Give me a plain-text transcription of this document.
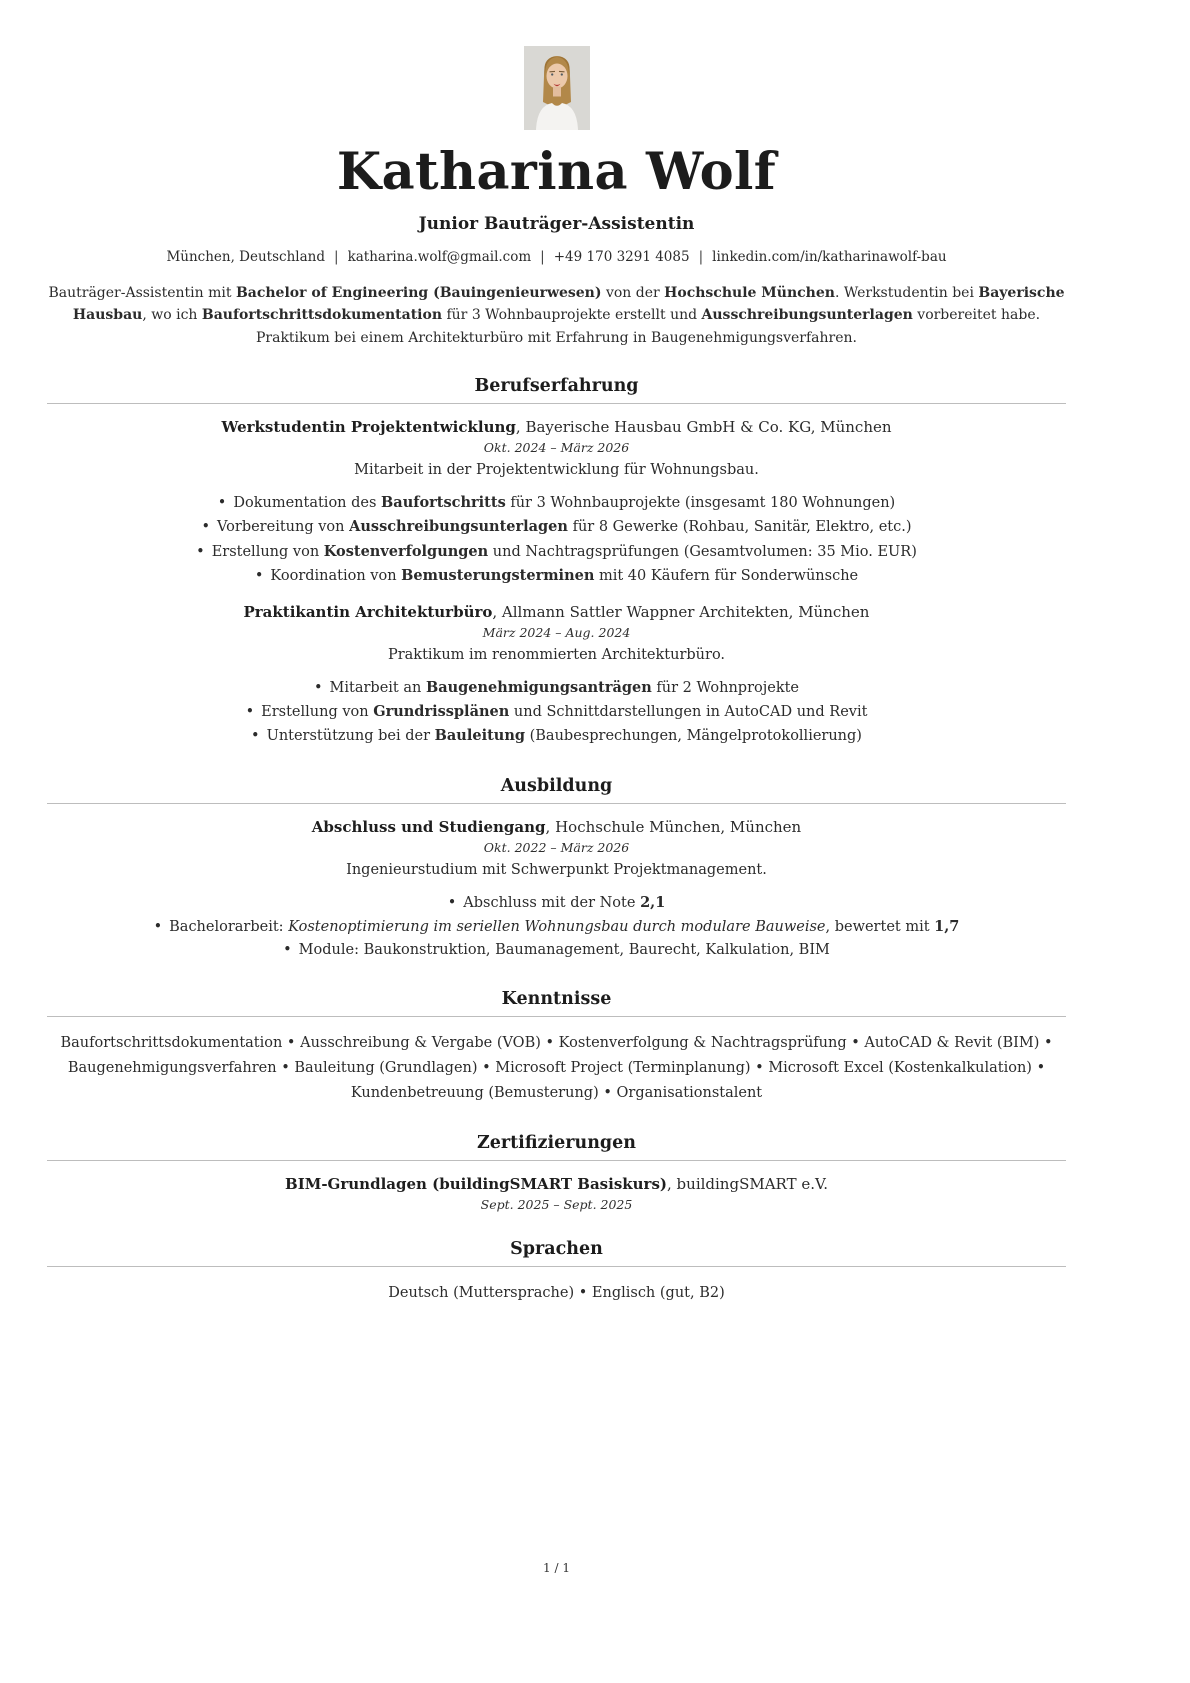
Katharina Wolf
Junior Bauträger-Assistentin
München, Deutschland | katharina.wolf@gmail.com | +49 170 3291 4085 | linkedin.com/in/katharinawolf-bau

Bauträger-Assistentin mit Bachelor of Engineering (Bauingenieurwesen) von der Hochschule München. Werkstudentin bei Bayerische Hausbau, wo ich Baufortschrittsdokumentation für 3 Wohnbauprojekte erstellt und Ausschreibungsunterlagen vorbereitet habe. Praktikum bei einem Architekturbüro mit Erfahrung in Baugenehmigungsverfahren.

Berufserfahrung
Werkstudentin Projektentwicklung, Bayerische Hausbau GmbH & Co. KG, München
Okt. 2024 – März 2026
Mitarbeit in der Projektentwicklung für Wohnungsbau.
• Dokumentation des Baufortschritts für 3 Wohnbauprojekte (insgesamt 180 Wohnungen)
• Vorbereitung von Ausschreibungsunterlagen für 8 Gewerke (Rohbau, Sanitär, Elektro, etc.)
• Erstellung von Kostenverfolgungen und Nachtragsprüfungen (Gesamtvolumen: 35 Mio. EUR)
• Koordination von Bemusterungsterminen mit 40 Käufern für Sonderwünsche
Praktikantin Architekturbüro, Allmann Sattler Wappner Architekten, München
März 2024 – Aug. 2024
Praktikum im renommierten Architekturbüro.
• Mitarbeit an Baugenehmigungsanträgen für 2 Wohnprojekte
• Erstellung von Grundrissplänen und Schnittdarstellungen in AutoCAD und Revit
• Unterstützung bei der Bauleitung (Baubesprechungen, Mängelprotokollierung)
Ausbildung
Abschluss und Studiengang, Hochschule München, München
Okt. 2022 – März 2026
Ingenieurstudium mit Schwerpunkt Projektmanagement.
• Abschluss mit der Note 2,1
• Bachelorarbeit: Kostenoptimierung im seriellen Wohnungsbau durch modulare Bauweise, bewertet mit 1,7
• Module: Baukonstruktion, Baumanagement, Baurecht, Kalkulation, BIM
Kenntnisse

Baufortschrittsdokumentation • Ausschreibung & Vergabe (VOB) • Kostenverfolgung & Nachtragsprüfung • AutoCAD & Revit (BIM) • Baugenehmigungsverfahren • Bauleitung (Grundlagen) • Microsoft Project (Terminplanung) • Microsoft Excel (Kostenkalkulation) • Kundenbetreuung (Bemusterung) • Organisationstalent

Zertifizierungen
BIM-Grundlagen (buildingSMART Basiskurs), buildingSMART e.V.
Sept. 2025 – Sept. 2025
Sprachen

Deutsch (Muttersprache) • Englisch (gut, B2)

1 / 1
